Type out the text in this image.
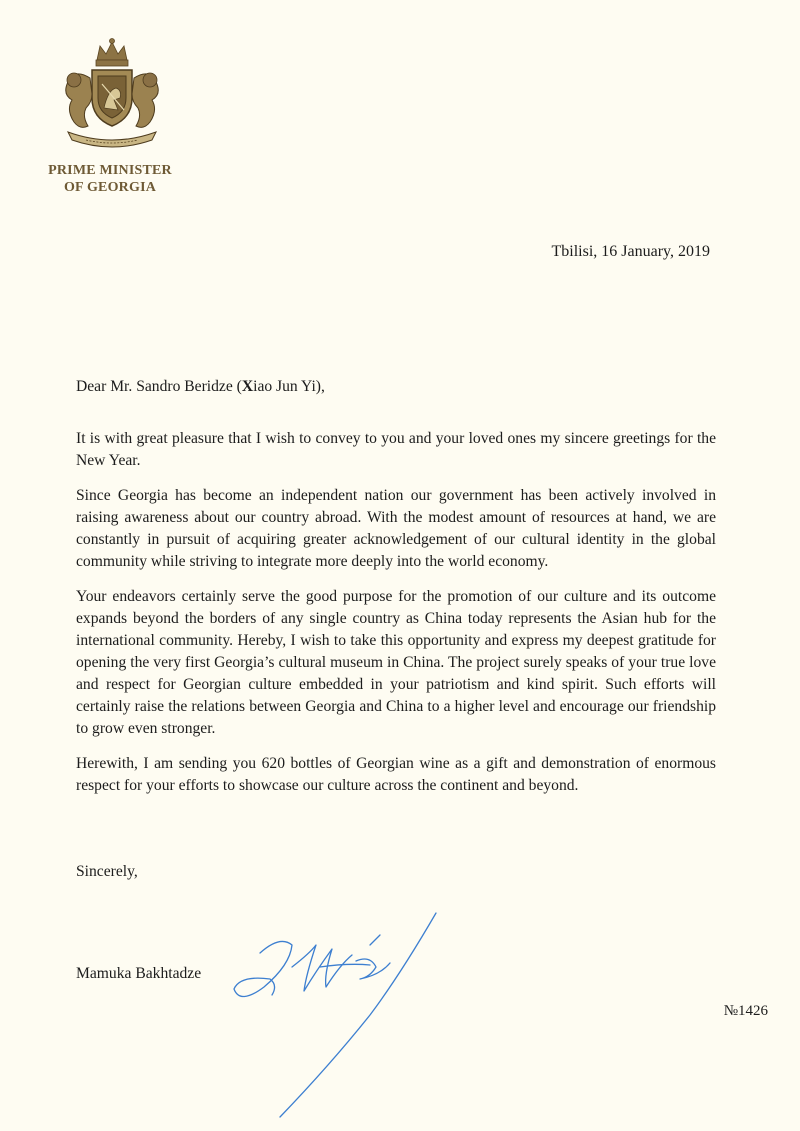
PRIME MINISTER
OF GEORGIA
Tbilisi, 16 January, 2019

Dear Mr. Sandro Beridze (Xiao Jun Yi),

It is with great pleasure that I wish to convey to you and your loved ones my sincere greetings for the New Year.

Since Georgia has become an independent nation our government has been actively involved in raising awareness about our country abroad. With the modest amount of resources at hand, we are constantly in pursuit of acquiring greater acknowledgement of our cultural identity in the global community while striving to integrate more deeply into the world economy.

Your endeavors certainly serve the good purpose for the promotion of our culture and its outcome expands beyond the borders of any single country as China today represents the Asian hub for the international community. Hereby, I wish to take this opportunity and express my deepest gratitude for opening the very first Georgia’s cultural museum in China. The project surely speaks of your true love and respect for Georgian culture embedded in your patriotism and kind spirit. Such efforts will certainly raise the relations between Georgia and China to a higher level and encourage our friendship to grow even stronger.

Herewith, I am sending you 620 bottles of Georgian wine as a gift and demonstration of enormous respect for your efforts to showcase our culture across the continent and beyond.

Sincerely,
Mamuka Bakhtadze
№1426
